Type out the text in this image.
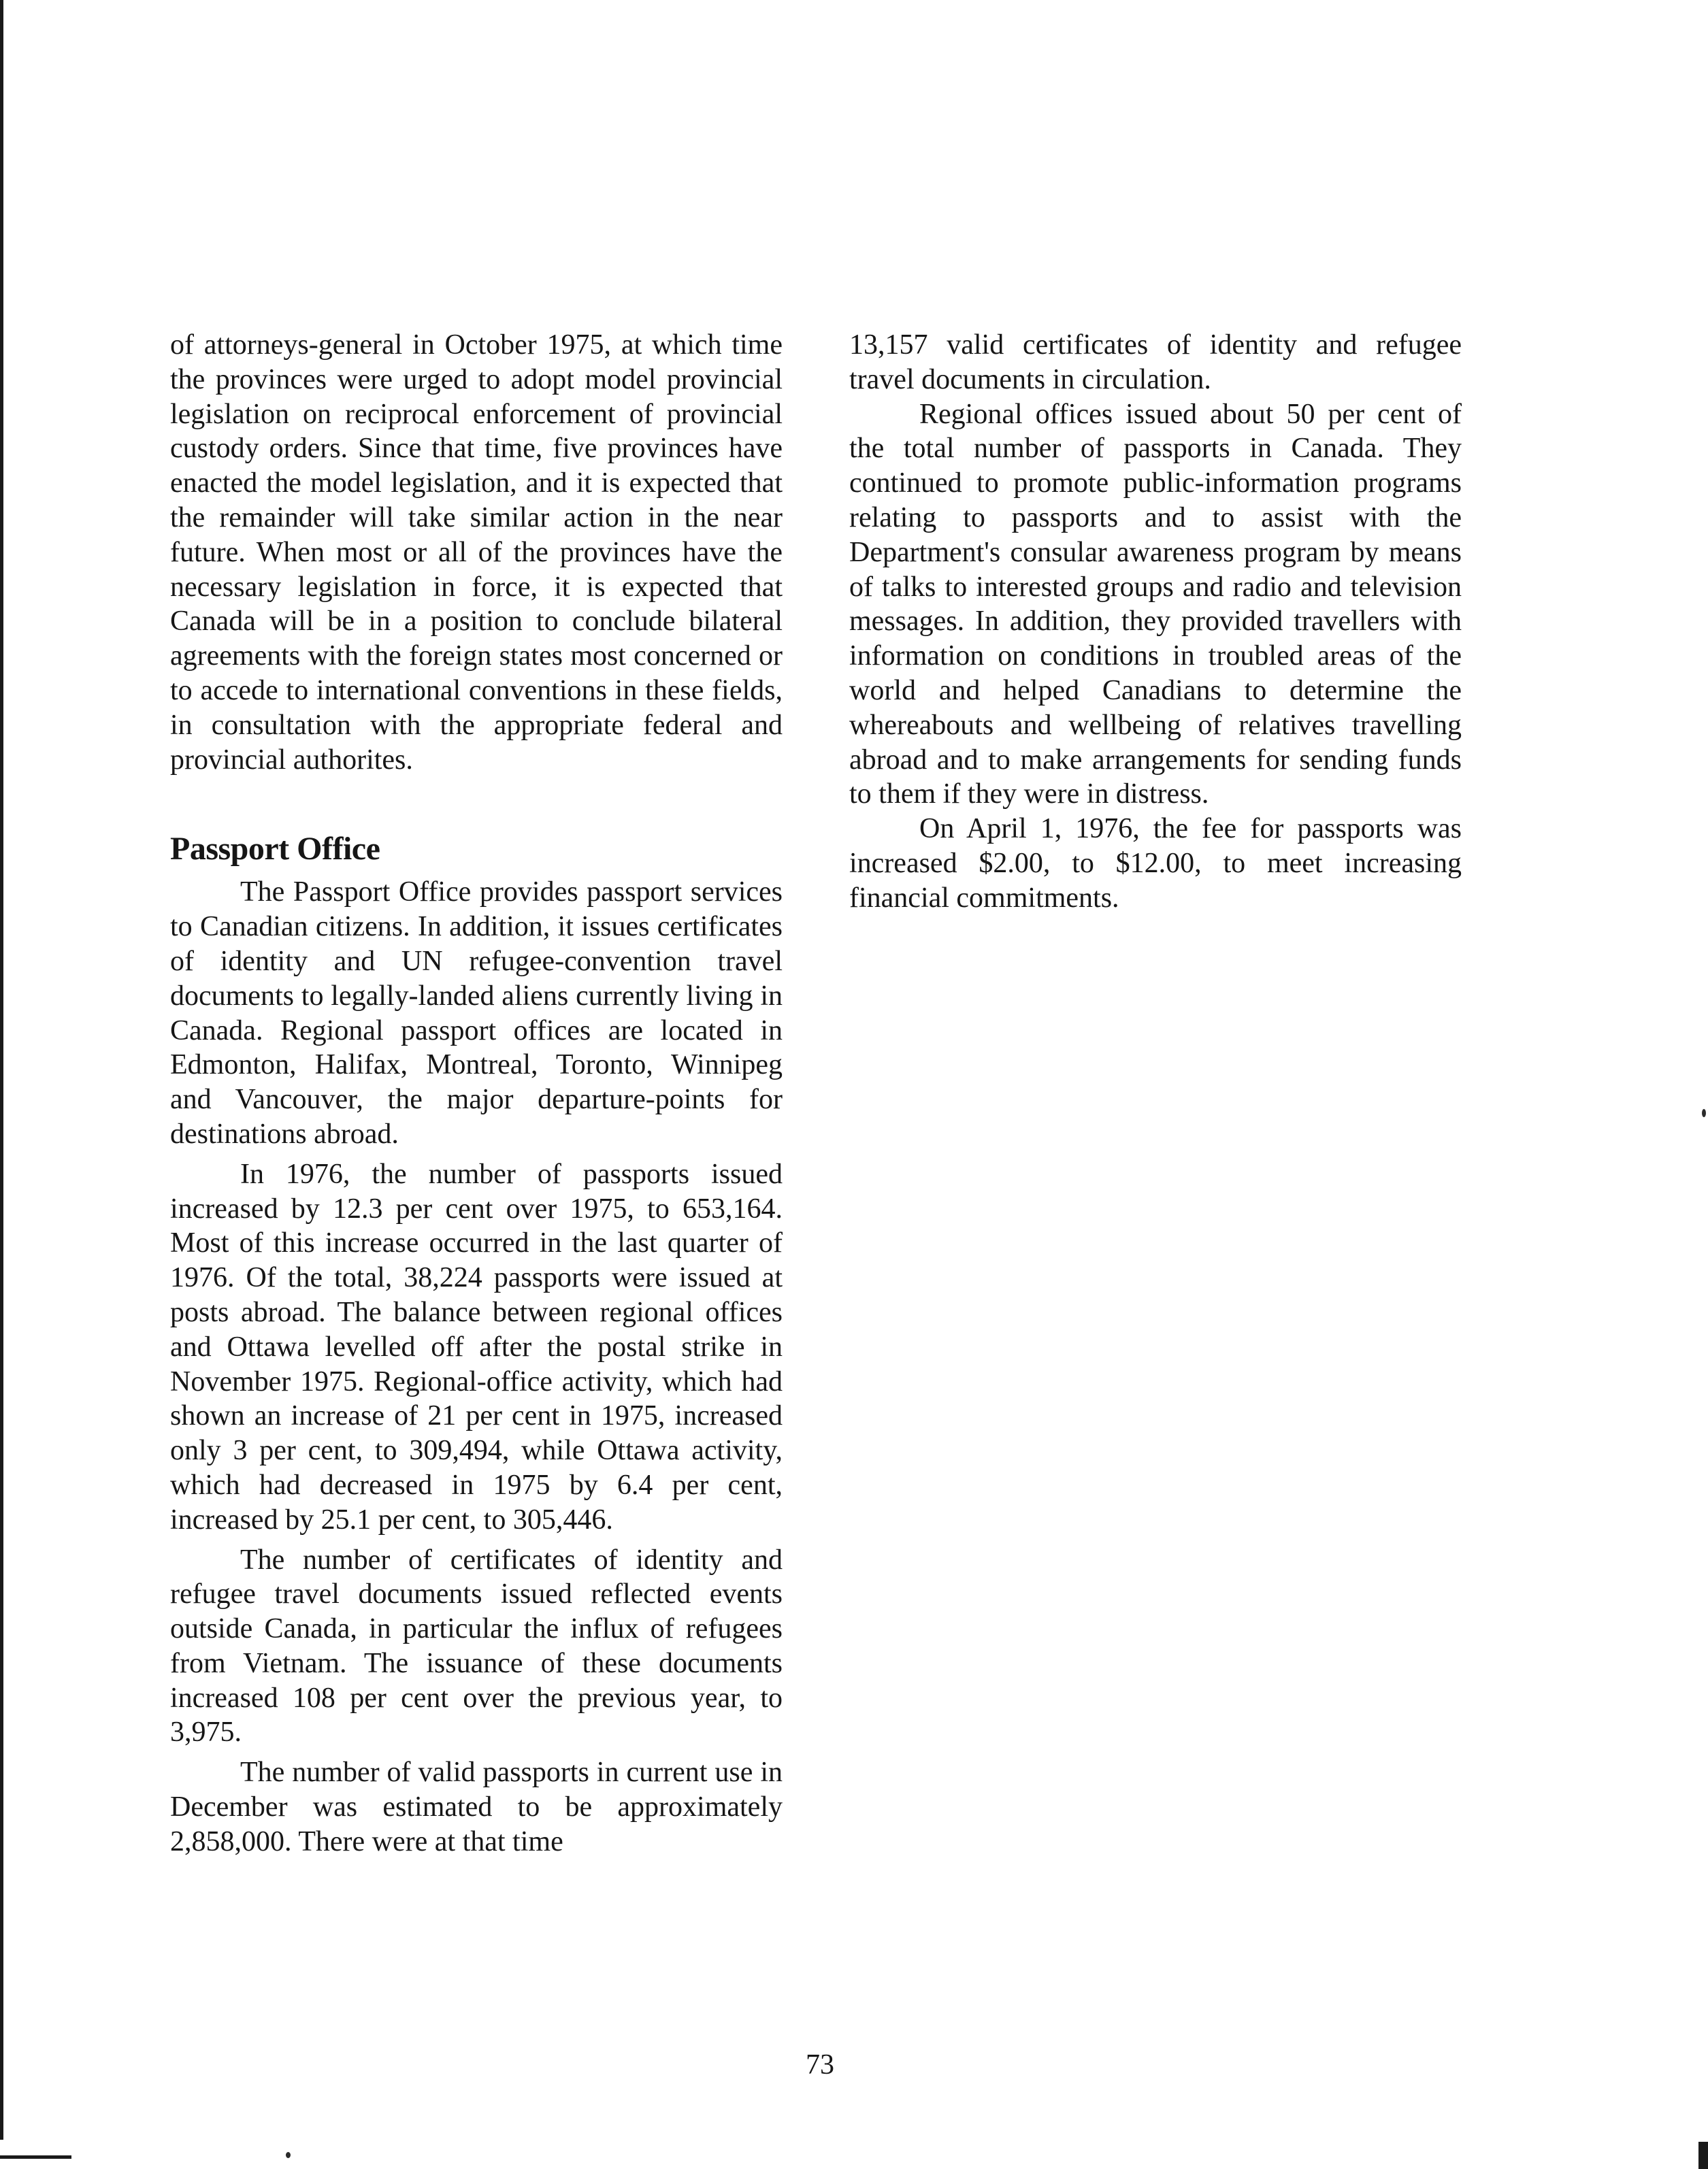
of attorneys-general in October 1975, at which time the provinces were urged to adopt model provincial legislation on reciprocal enforcement of provincial custody orders. Since that time, five provinces have enacted the model legislation, and it is expected that the remainder will take similar action in the near future. When most or all of the provinces have the necessary legislation in force, it is expected that Canada will be in a position to conclude bilateral agreements with the foreign states most concerned or to accede to international conventions in these fields, in consultation with the appropriate federal and provincial authorites.

Passport Office

The Passport Office provides passport services to Canadian citizens. In addition, it issues certificates of identity and UN refugee-convention travel documents to legally-landed aliens currently living in Canada. Regional passport offices are located in Edmonton, Halifax, Montreal, Toronto, Winnipeg and Vancouver, the major departure-points for destinations abroad.

In 1976, the number of passports issued increased by 12.3 per cent over 1975, to 653,164. Most of this increase occurred in the last quarter of 1976. Of the total, 38,224 passports were issued at posts abroad. The balance between regional offices and Ottawa levelled off after the postal strike in November 1975. Regional-office activity, which had shown an increase of 21 per cent in 1975, increased only 3 per cent, to 309,494, while Ottawa activity, which had decreased in 1975 by 6.4 per cent, increased by 25.1 per cent, to 305,446.

The number of certificates of identity and refugee travel documents issued reflected events outside Canada, in particular the influx of refugees from Vietnam. The issuance of these documents increased 108 per cent over the previous year, to 3,975.

The number of valid passports in current use in December was estimated to be approximately 2,858,000. There were at that time

13,157 valid certificates of identity and refugee travel documents in circulation.

Regional offices issued about 50 per cent of the total number of passports in Canada. They continued to promote public-information programs relating to passports and to assist with the Department's consular awareness program by means of talks to interested groups and radio and television messages. In addition, they provided travellers with information on conditions in troubled areas of the world and helped Canadians to determine the whereabouts and wellbeing of relatives travelling abroad and to make arrangements for sending funds to them if they were in distress.

On April 1, 1976, the fee for passports was increased $2.00, to $12.00, to meet increasing financial commitments.

73
